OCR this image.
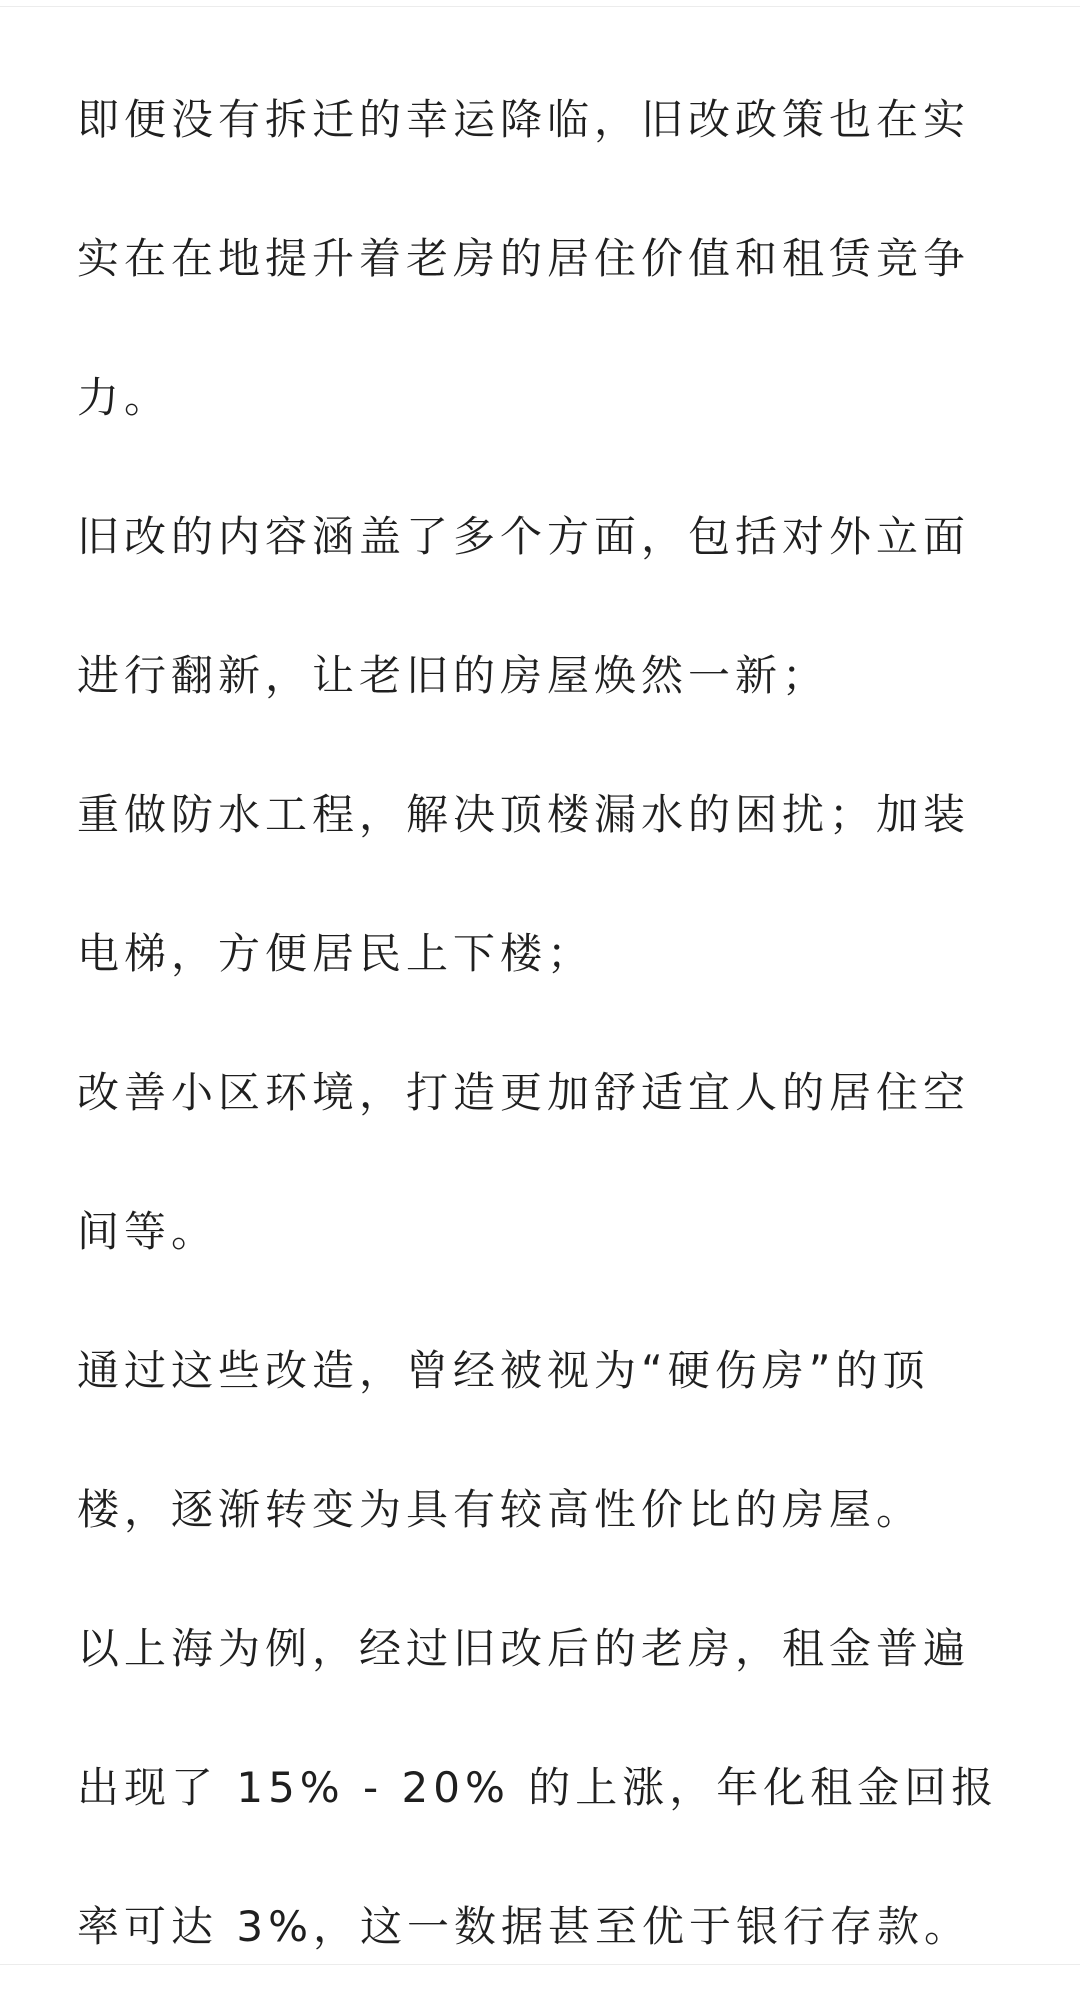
即便没有拆迁的幸运降临，旧改政策也在实
实在在地提升着老房的居住价值和租赁竞争
力。

旧改的内容涵盖了多个方面，包括对外立面
进行翻新，让老旧的房屋焕然一新；

重做防水工程，解决顶楼漏水的困扰；加装
电梯，方便居民上下楼；

改善小区环境，打造更加舒适宜人的居住空
间等。

通过这些改造，曾经被视为“硬伤房”的顶
楼，逐渐转变为具有较高性价比的房屋。

以上海为例，经过旧改后的老房，租金普遍
出现了 15% - 20% 的上涨，年化租金回报
率可达 3%，这一数据甚至优于银行存款。
